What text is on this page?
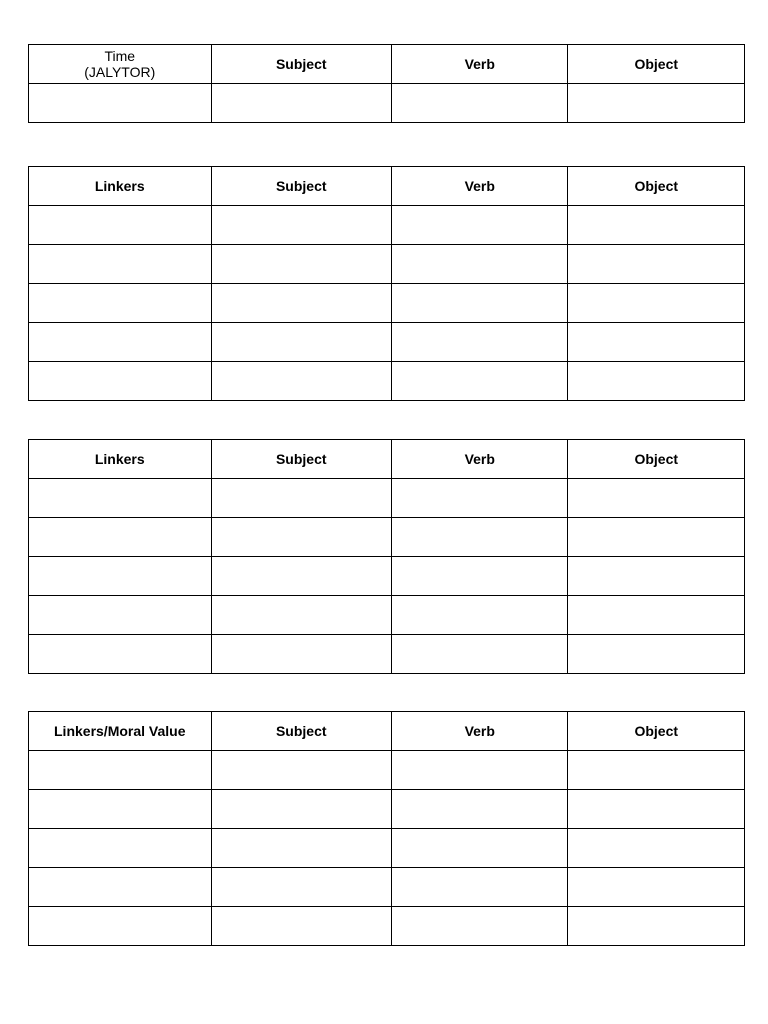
Time
(JALYTOR)	Subject	Verb	Object

Linkers	Subject	Verb	Object

Linkers	Subject	Verb	Object

Linkers/Moral Value	Subject	Verb	Object
